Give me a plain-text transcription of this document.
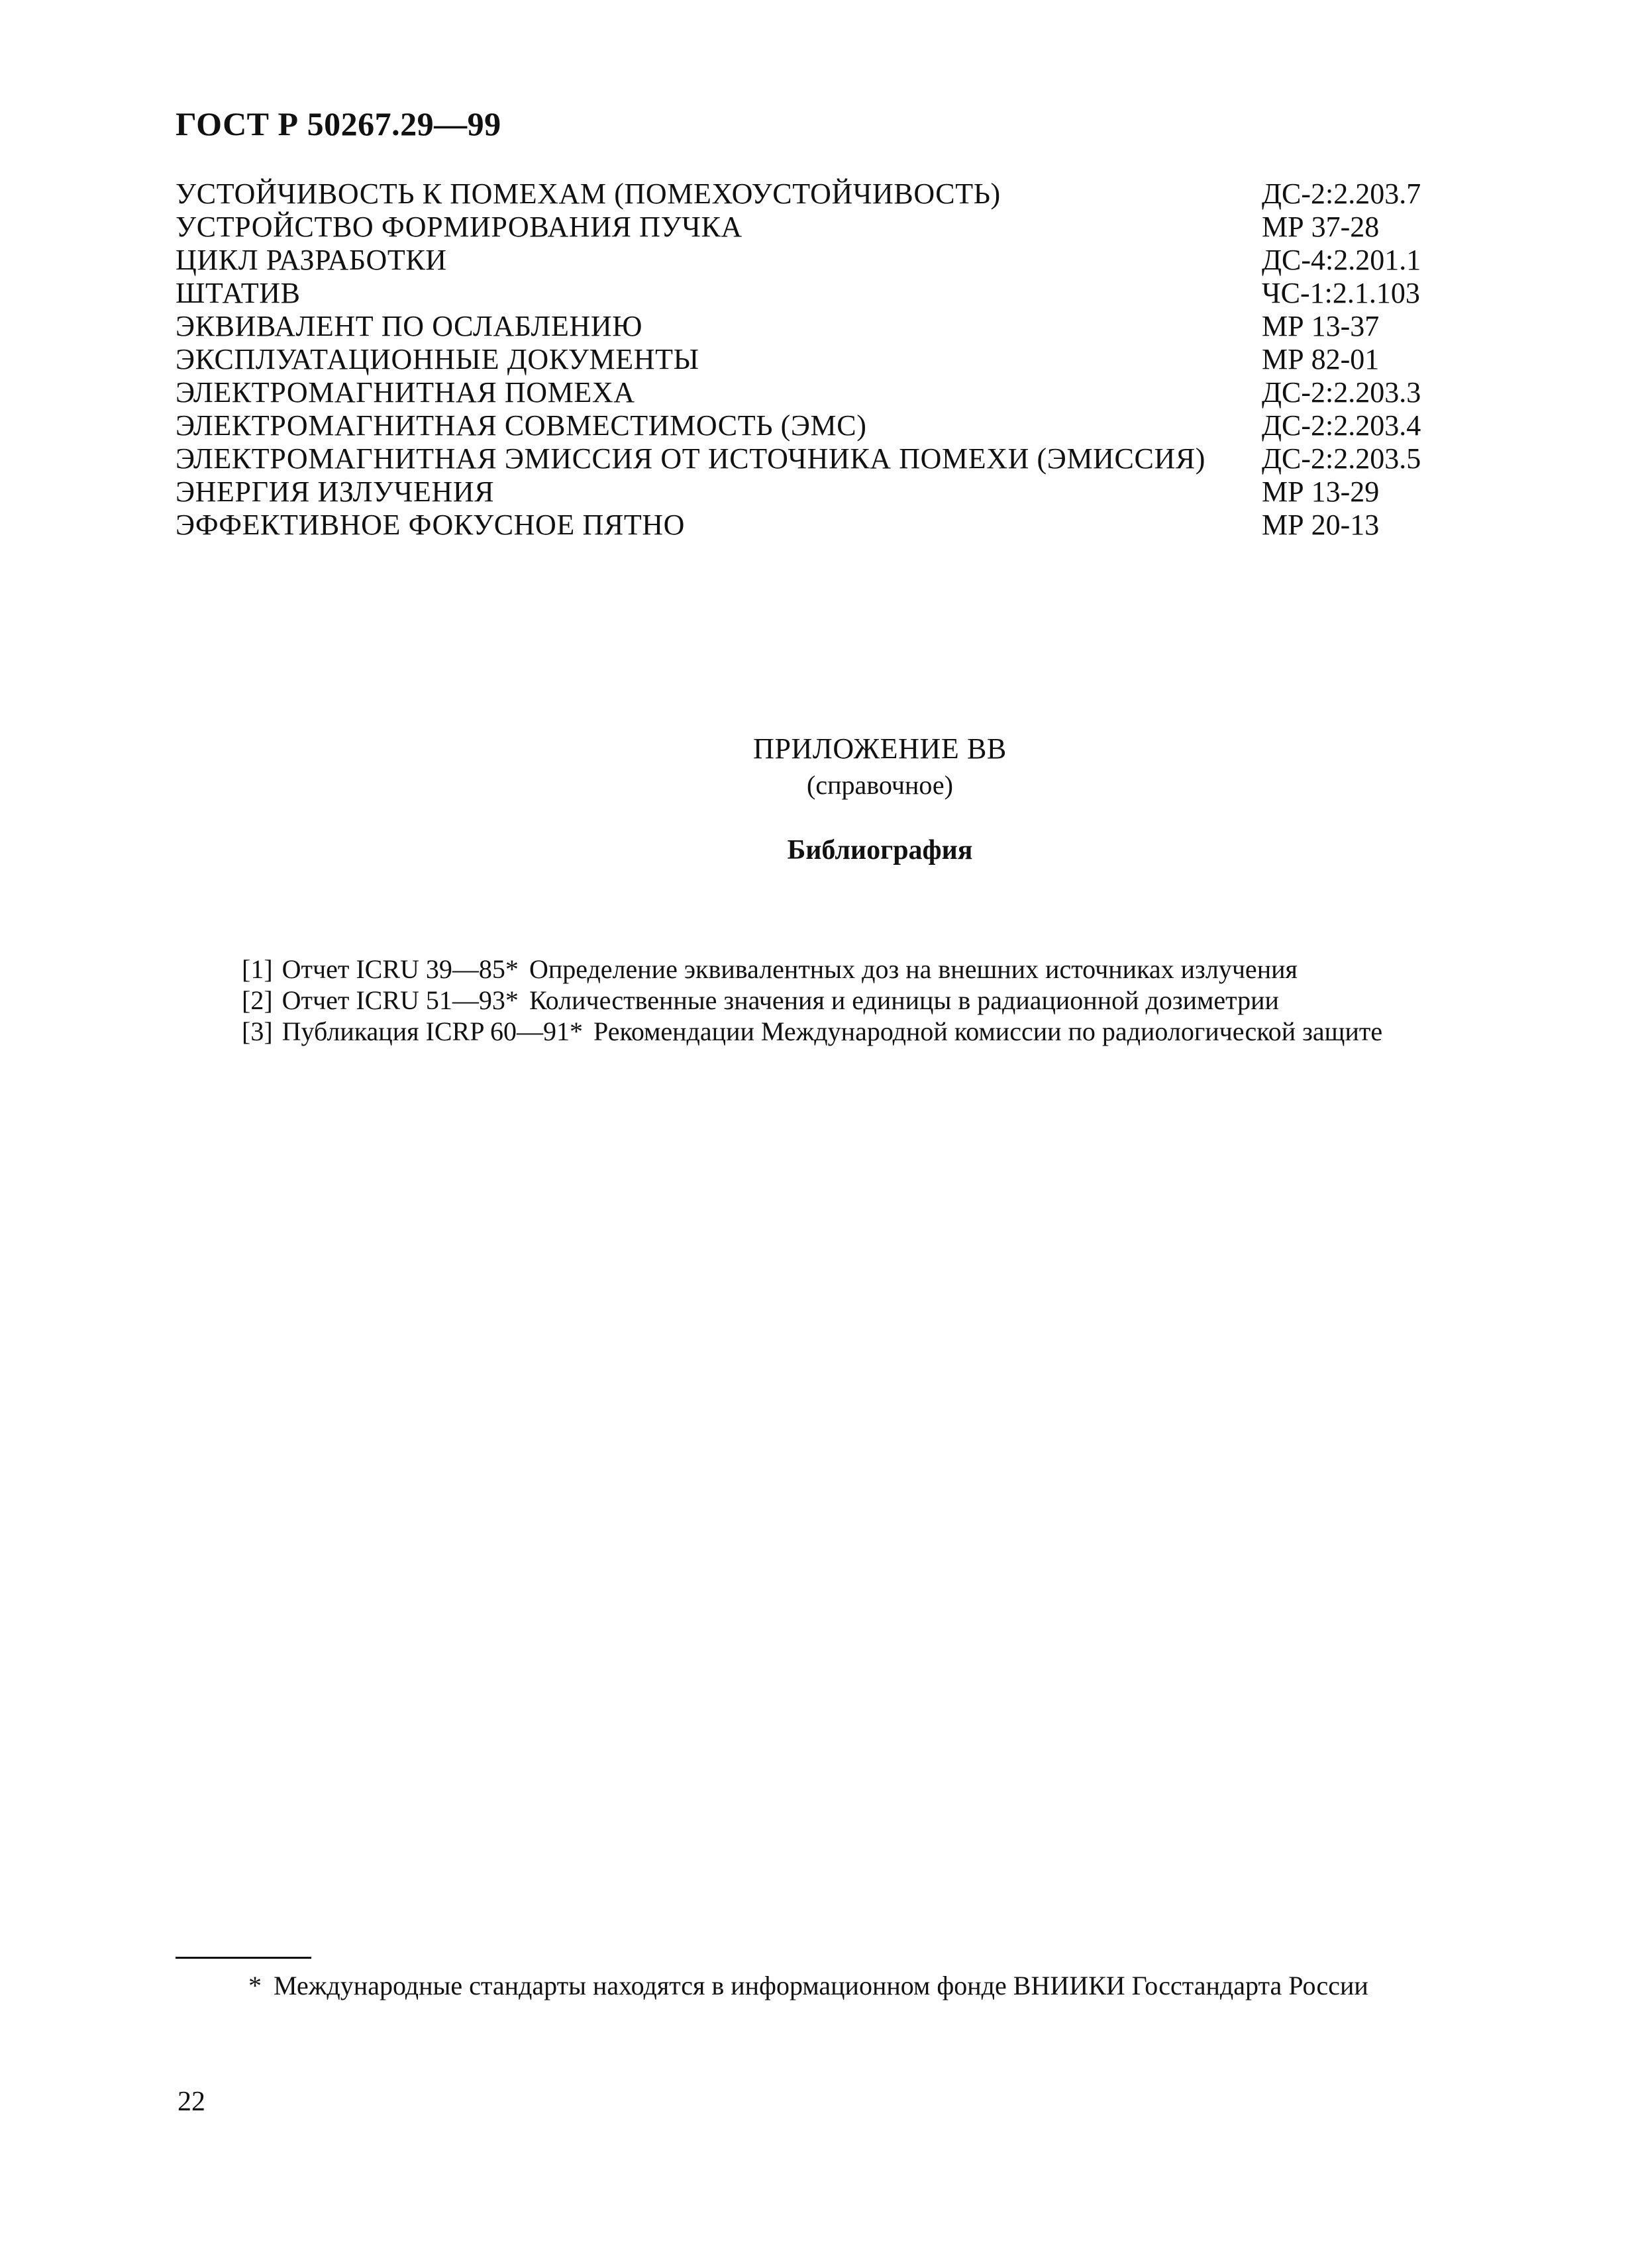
ГОСТ Р 50267.29—99
УСТОЙЧИВОСТЬ К ПОМЕХАМ (ПОМЕХОУСТОЙЧИВОСТЬ)	ДС-2:2.203.7
УСТРОЙСТВО ФОРМИРОВАНИЯ ПУЧКА	МР 37-28
ЦИКЛ РАЗРАБОТКИ	ДС-4:2.201.1
ШТАТИВ	ЧС-1:2.1.103
ЭКВИВАЛЕНТ ПО ОСЛАБЛЕНИЮ	МР 13-37
ЭКСПЛУАТАЦИОННЫЕ ДОКУМЕНТЫ	МР 82-01
ЭЛЕКТРОМАГНИТНАЯ ПОМЕХА	ДС-2:2.203.3
ЭЛЕКТРОМАГНИТНАЯ СОВМЕСТИМОСТЬ (ЭМС)	ДС-2:2.203.4
ЭЛЕКТРОМАГНИТНАЯ ЭМИССИЯ ОТ ИСТОЧНИКА ПОМЕХИ (ЭМИССИЯ) ДС-2:2.203.5
ЭНЕРГИЯ ИЗЛУЧЕНИЯ	МР 13-29
ЭФФЕКТИВНОЕ ФОКУСНОЕ ПЯТНО	МР 20-13
ПРИЛОЖЕНИЕ ВВ
(справочное)
Библиография
[1] Отчет ICRU 39—85* Определение эквивалентных доз на внешних источниках излучения
[2] Отчет ICRU 51—93* Количественные значения и единицы в радиационной дозиметрии
[3] Публикация ICRP 60—91* Рекомендации Международной комиссии по радиологической защите
* Международные стандарты находятся в информационном фонде ВНИИКИ Госстандарта России
22
